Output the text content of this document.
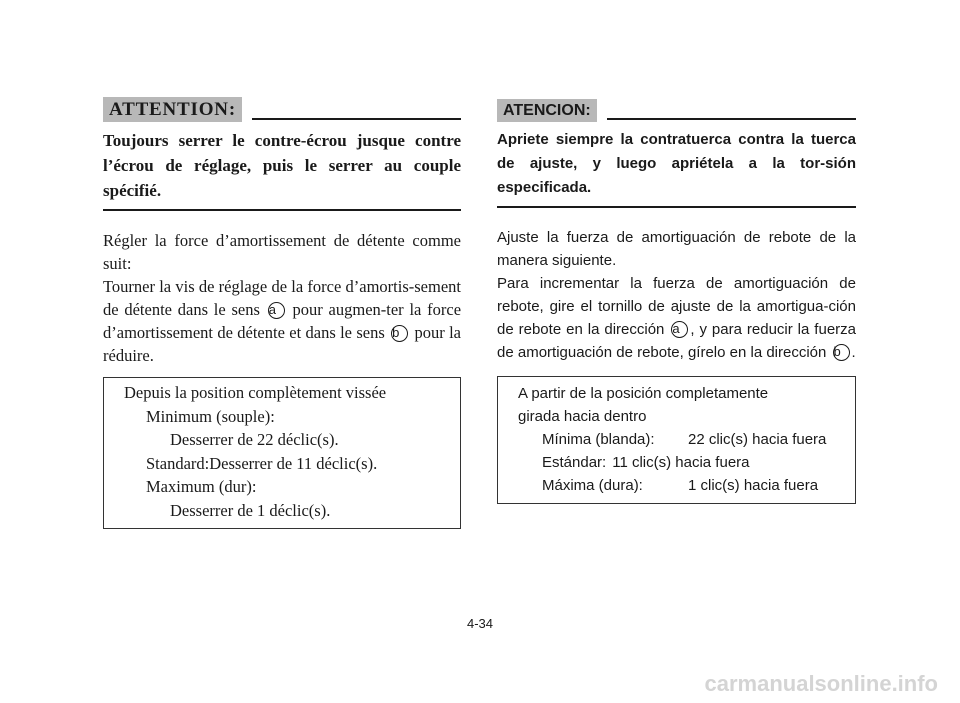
ATTENTION:
Toujours serrer le contre-écrou jusque contre l’écrou de réglage, puis le serrer au couple spécifié.

Régler la force d’amortissement de détente comme suit:

Tourner la vis de réglage de la force d’amortis-sement de détente dans le sens a pour augmen-ter la force d’amortissement de détente et dans le sens b pour la réduire.

Depuis la position complètement vissée
Minimum (souple):
Desserrer de 22 déclic(s).
Standard:Desserrer de 11 déclic(s).
Maximum (dur):
Desserrer de 1 déclic(s).
ATENCION:
Apriete siempre la contratuerca contra la tuerca de ajuste, y luego apriétela a la tor-sión especificada.

Ajuste la fuerza de amortiguación de rebote de la manera siguiente.

Para incrementar la fuerza de amortiguación de rebote, gire el tornillo de ajuste de la amortigua-ción de rebote en la dirección a , y para reducir la fuerza de amortiguación de rebote, gírelo en la dirección b .

A partir de la posición completamente
girada hacia dentro
Mínima (blanda):	22 clic(s) hacia fuera
Estándar: 11 clic(s) hacia fuera
Máxima (dura):	1 clic(s) hacia fuera
4-34
carmanualsonline.info
